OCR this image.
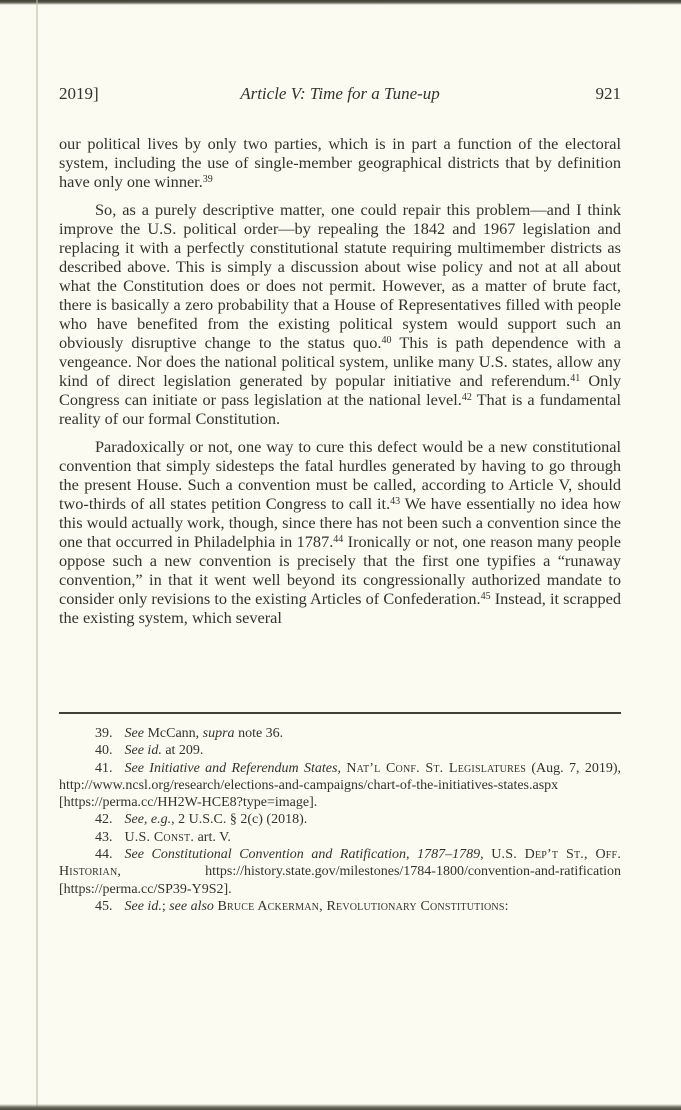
2019]	Article V: Time for a Tune-up	921

our political lives by only two parties, which is in part a function of the electoral system, including the use of single-member geographical districts that by definition have only one winner.$^{39}$

So, as a purely descriptive matter, one could repair this problem—and I think improve the U.S. political order—by repealing the 1842 and 1967 legislation and replacing it with a perfectly constitutional statute requiring multimember districts as described above. This is simply a discussion about wise policy and not at all about what the Constitution does or does not permit. However, as a matter of brute fact, there is basically a zero probability that a House of Representatives filled with people who have benefited from the existing political system would support such an obviously disruptive change to the status quo.$^{40}$ This is path dependence with a vengeance. Nor does the national political system, unlike many U.S. states, allow any kind of direct legislation generated by popular initiative and referendum.$^{41}$ Only Congress can initiate or pass legislation at the national level.$^{42}$ That is a fundamental reality of our formal Constitution.

Paradoxically or not, one way to cure this defect would be a new constitutional convention that simply sidesteps the fatal hurdles generated by having to go through the present House. Such a convention must be called, according to Article V, should two-thirds of all states petition Congress to call it.$^{43}$ We have essentially no idea how this would actually work, though, since there has not been such a convention since the one that occurred in Philadelphia in 1787.44 Ironically or not, one reason many people oppose such a new convention is precisely that the first one typifies a “runaway convention,” in that it went well beyond its congressionally authorized mandate to consider only revisions to the existing Articles of Confederation.$^{45}$ Instead, it scrapped the existing system, which several

39. See McCann, supra note 36.

40. See id. at 209.

41. See Initiative and Referendum States, Nat’l Conf. St. Legislatures (Aug. 7, 2019), http://www.ncsl.org/research/elections-and-campaigns/chart-of-the-initiatives-states.aspx [https://perma.cc/HH2W-HCE8?type=image].

42. See, e.g., 2 U.S.C. § 2(c) (2018).

43. U.S. Const. art. V.

44. See Constitutional Convention and Ratification, 1787–1789, U.S. Dep’t St., Off. Historian, https://history.state.gov/milestones/1784-1800/convention-and-ratification [https://perma.cc/SP39-Y9S2].

45. See id.; see also Bruce Ackerman, Revolutionary Constitutions:
